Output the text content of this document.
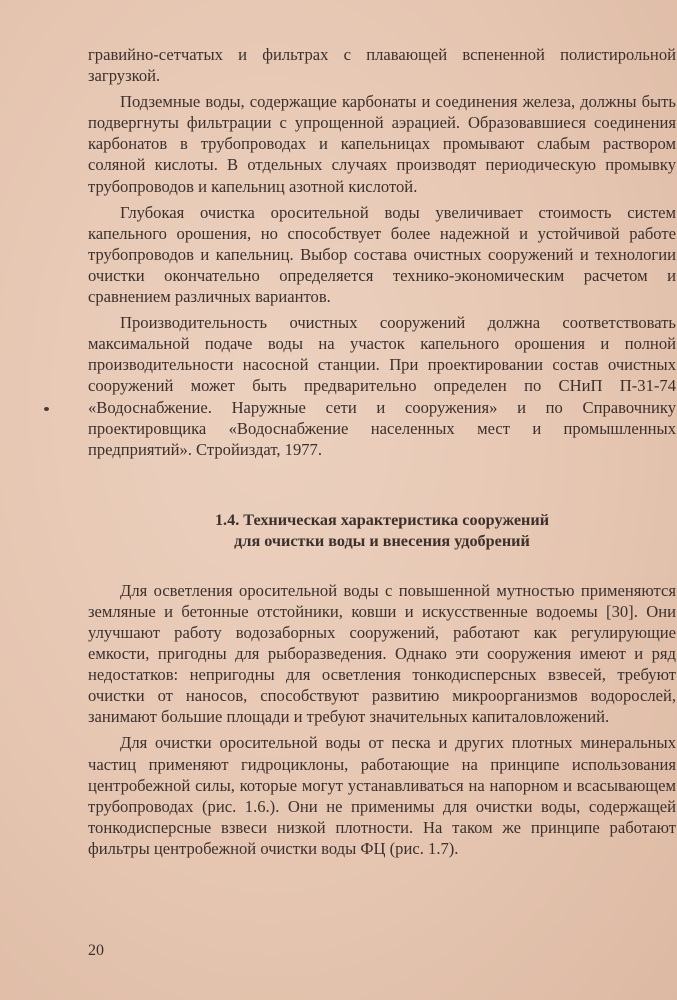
гравийно-сетчатых и фильтрах с плавающей вспененной полистирольной загрузкой.

Подземные воды, содержащие карбонаты и соединения железа, должны быть подвергнуты фильтрации с упрощенной аэрацией. Образовавшиеся соединения карбонатов в трубопроводах и капельницах промывают слабым раствором соляной кислоты. В отдельных случаях производят периодическую промывку трубопроводов и капельниц азотной кислотой.

Глубокая очистка оросительной воды увеличивает стоимость систем капельного орошения, но способствует более надежной и устойчивой работе трубопроводов и капельниц. Выбор состава очистных сооружений и технологии очистки окончательно определяется технико-экономическим расчетом и сравнением различных вариантов.

Производительность очистных сооружений должна соответствовать максимальной подаче воды на участок капельного орошения и полной производительности насосной станции. При проектировании состав очистных сооружений может быть предварительно определен по СНиП П-31-74 «Водоснабжение. Наружные сети и сооружения» и по Справочнику проектировщика «Водоснабжение населенных мест и промышленных предприятий». Стройиздат, 1977.

1.4. Техническая характеристика сооружений
для очистки воды и внесения удобрений

Для осветления оросительной воды с повышенной мутностью применяются земляные и бетонные отстойники, ковши и искусственные водоемы [30]. Они улучшают работу водозаборных сооружений, работают как регулирующие емкости, пригодны для рыборазведения. Однако эти сооружения имеют и ряд недостатков: непригодны для осветления тонкодисперсных взвесей, требуют очистки от наносов, способствуют развитию микроорганизмов водорослей, занимают большие площади и требуют значительных капиталовложений.

Для очистки оросительной воды от песка и других плотных минеральных частиц применяют гидроциклоны, работающие на принципе использования центробежной силы, которые могут устанавливаться на напорном и всасывающем трубопроводах (рис. 1.6.). Они не применимы для очистки воды, содержащей тонкодисперсные взвеси низкой плотности. На таком же принципе работают фильтры центробежной очистки воды ФЦ (рис. 1.7).

20
